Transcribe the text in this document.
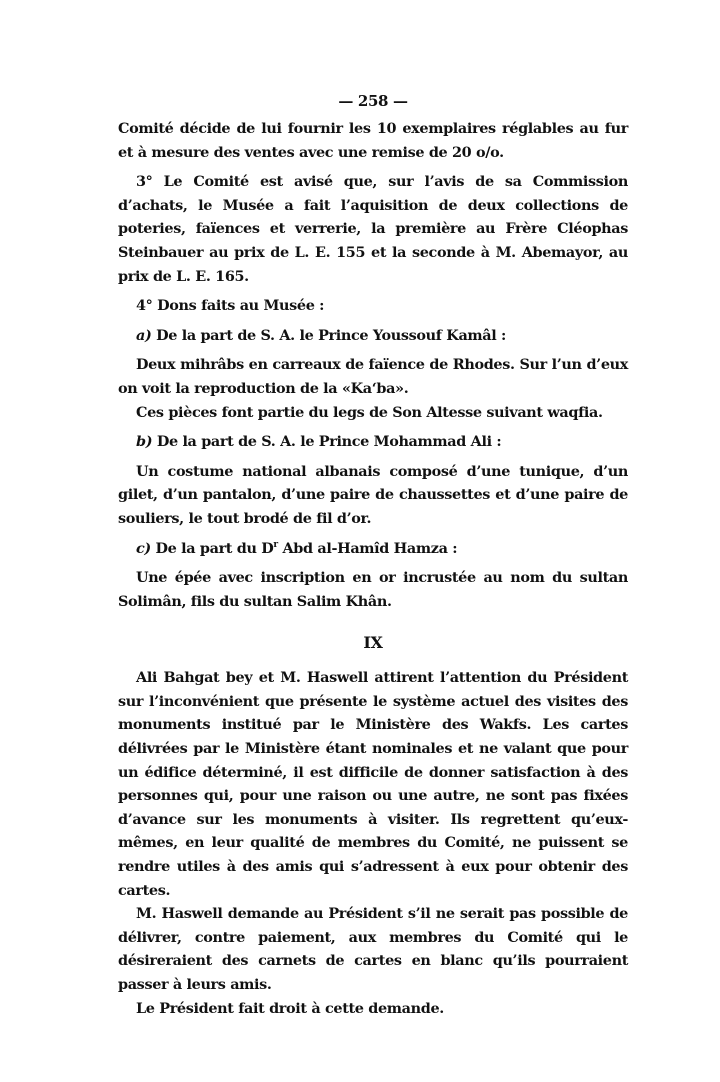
— 258 —

Comité décide de lui fournir les 10 exemplaires réglables au fur et à mesure des ventes avec une remise de 20 o/o.

3° Le Comité est avisé que, sur l’avis de sa Commission d’achats, le Musée a fait l’aquisition de deux collections de poteries, faïences et verrerie, la première au Frère Cléophas Steinbauer au prix de L. E. 155 et la seconde à M. Abemayor, au prix de L. E. 165.

4° Dons faits au Musée :

a) De la part de S. A. le Prince Youssouf Kamâl :

Deux mihrâbs en carreaux de faïence de Rhodes. Sur l’un d’eux on voit la reproduction de la «Ka‘ba».

Ces pièces font partie du legs de Son Altesse suivant waqfia.

b) De la part de S. A. le Prince Mohammad Ali :

Un costume national albanais composé d’une tunique, d’un gilet, d’un pantalon, d’une paire de chaussettes et d’une paire de souliers, le tout brodé de fil d’or.

c) De la part du $D^r$ Abd al-Hamîd Hamza :

Une épée avec inscription en or incrustée au nom du sultan Solimân, fils du sultan Salim Khân.

IX

Ali Bahgat bey et M. Haswell attirent l’attention du Président sur l’inconvénient que présente le système actuel des visites des monuments institué par le Ministère des Wakfs. Les cartes délivrées par le Ministère étant nominales et ne valant que pour un édifice déterminé, il est difficile de donner satisfaction à des personnes qui, pour une raison ou une autre, ne sont pas fixées d’avance sur les monuments à visiter. Ils regrettent qu’eux-mêmes, en leur qualité de membres du Comité, ne puissent se rendre utiles à des amis qui s’adressent à eux pour obtenir des cartes.

M. Haswell demande au Président s’il ne serait pas possible de délivrer, contre paiement, aux membres du Comité qui le désireraient des carnets de cartes en blanc qu’ils pourraient passer à leurs amis.

Le Président fait droit à cette demande.
